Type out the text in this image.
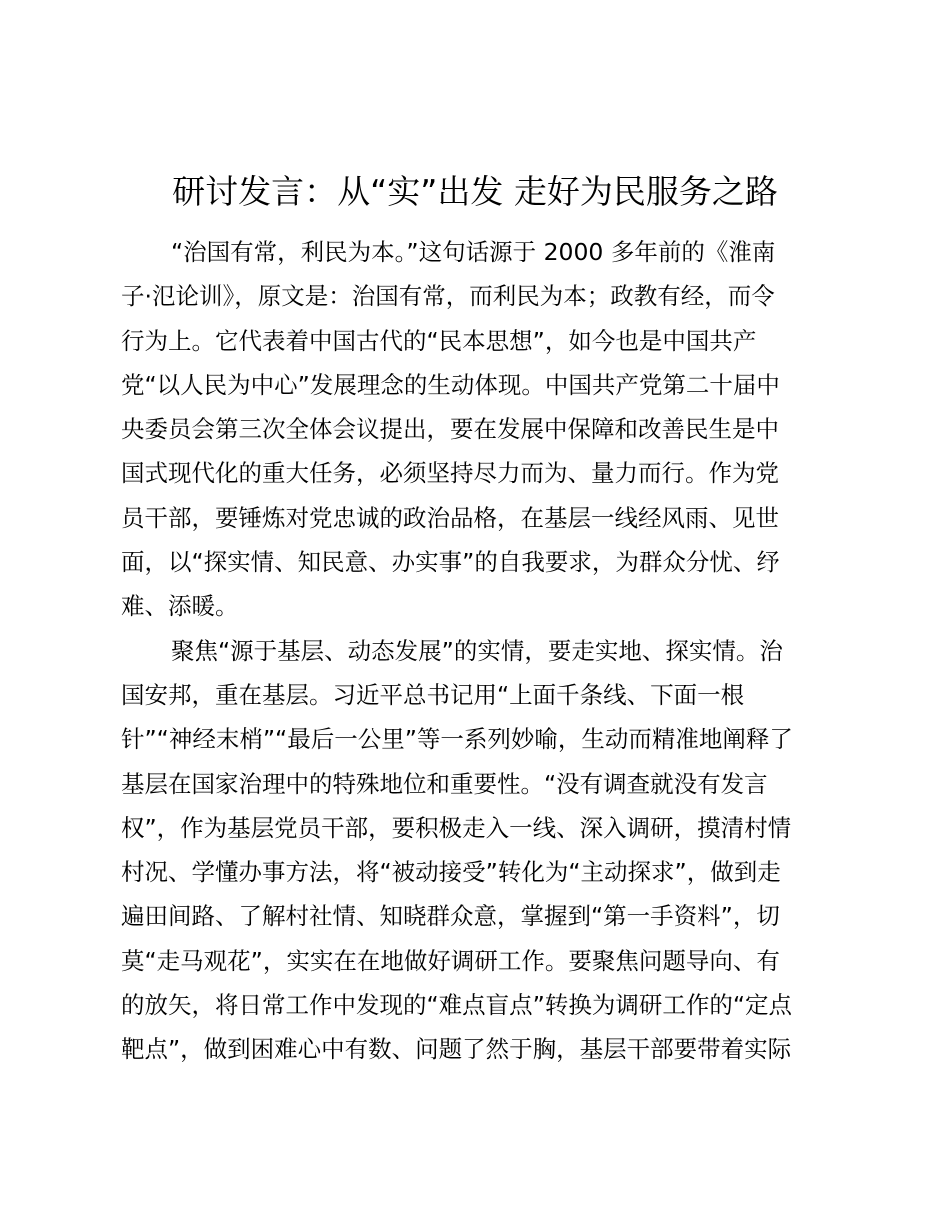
研讨发言：从“实”出发 走好为民服务之路
“治国有常，利民为本。”这句话源于 2000 多年前的《淮南
子·氾论训》，原文是：治国有常，而利民为本；政教有经，而令
行为上。它代表着中国古代的“民本思想”，如今也是中国共产
党“以人民为中心”发展理念的生动体现。中国共产党第二十届中
央委员会第三次全体会议提出，要在发展中保障和改善民生是中
国式现代化的重大任务，必须坚持尽力而为、量力而行。作为党
员干部，要锤炼对党忠诚的政治品格，在基层一线经风雨、见世
面，以“探实情、知民意、办实事”的自我要求，为群众分忧、纾
难、添暖。
聚焦“源于基层、动态发展”的实情，要走实地、探实情。治
国安邦，重在基层。习近平总书记用“上面千条线、下面一根
针”“神经末梢”“最后一公里”等一系列妙喻，生动而精准地阐释了
基层在国家治理中的特殊地位和重要性。“没有调查就没有发言
权”，作为基层党员干部，要积极走入一线、深入调研，摸清村情
村况、学懂办事方法，将“被动接受”转化为“主动探求”，做到走
遍田间路、了解村社情、知晓群众意，掌握到“第一手资料”，切
莫“走马观花”，实实在在地做好调研工作。要聚焦问题导向、有
的放矢，将日常工作中发现的“难点盲点”转换为调研工作的“定点
靶点”，做到困难心中有数、问题了然于胸，基层干部要带着实际
